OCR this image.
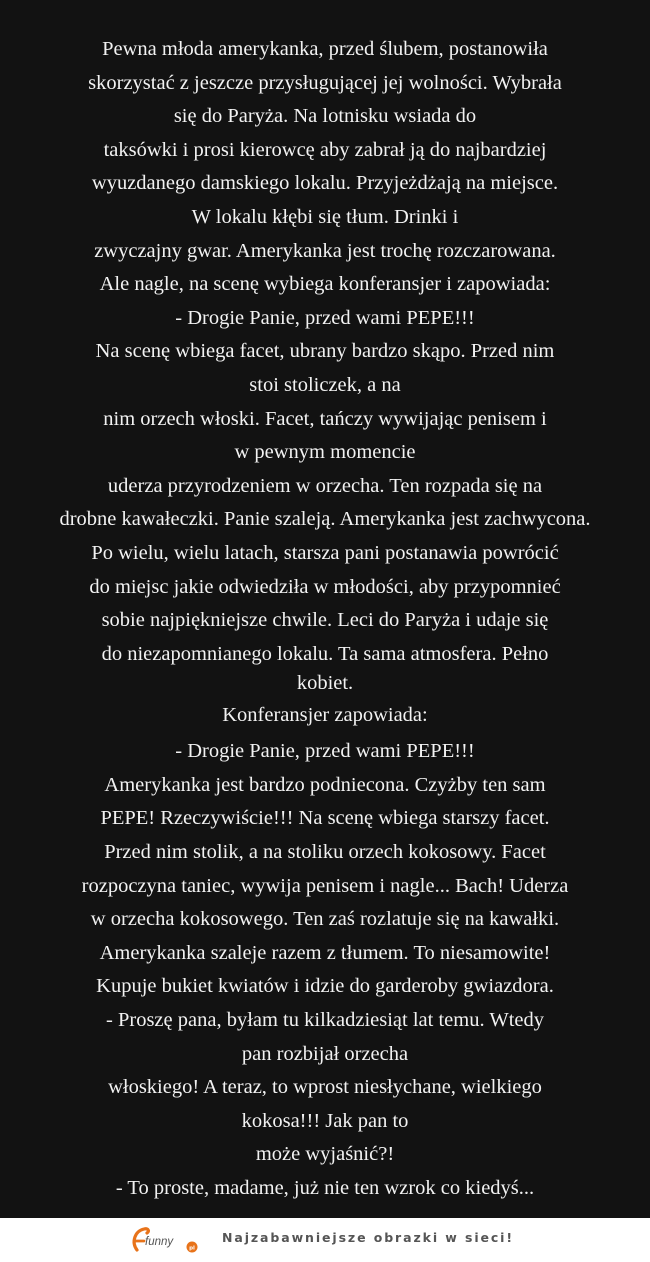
Pewna młoda amerykanka, przed ślubem, postanowiła
skorzystać z jeszcze przysługującej jej wolności. Wybrała
się do Paryża. Na lotnisku wsiada do
taksówki i prosi kierowcę aby zabrał ją do najbardziej
wyuzdanego damskiego lokalu. Przyjeżdżają na miejsce.
W lokalu kłębi się tłum. Drinki i
zwyczajny gwar. Amerykanka jest trochę rozczarowana.
Ale nagle, na scenę wybiega konferansjer i zapowiada:
- Drogie Panie, przed wami PEPE!!!
Na scenę wbiega facet, ubrany bardzo skąpo. Przed nim
stoi stoliczek, a na
nim orzech włoski. Facet, tańczy wywijając penisem i
w pewnym momencie
uderza przyrodzeniem w orzecha. Ten rozpada się na
drobne kawałeczki. Panie szaleją. Amerykanka jest zachwycona.
Po wielu, wielu latach, starsza pani postanawia powrócić
do miejsc jakie odwiedziła w młodości, aby przypomnieć
sobie najpiękniejsze chwile. Leci do Paryża i udaje się
do niezapomnianego lokalu. Ta sama atmosfera. Pełno
kobiet.
Konferansjer zapowiada:
- Drogie Panie, przed wami PEPE!!!
Amerykanka jest bardzo podniecona. Czyżby ten sam
PEPE! Rzeczywiście!!! Na scenę wbiega starszy facet.
Przed nim stolik, a na stoliku orzech kokosowy. Facet
rozpoczyna taniec, wywija penisem i nagle... Bach! Uderza
w orzecha kokosowego. Ten zaś rozlatuje się na kawałki.
Amerykanka szaleje razem z tłumem. To niesamowite!
Kupuje bukiet kwiatów i idzie do garderoby gwiazdora.
- Proszę pana, byłam tu kilkadziesiąt lat temu. Wtedy
pan rozbijał orzecha
włoskiego! A teraz, to wprost niesłychane, wielkiego
kokosa!!! Jak pan to
może wyjaśnić?!
- To proste, madame, już nie ten wzrok co kiedyś...
funny
pl
Najzabawniejsze obrazki w sieci!
